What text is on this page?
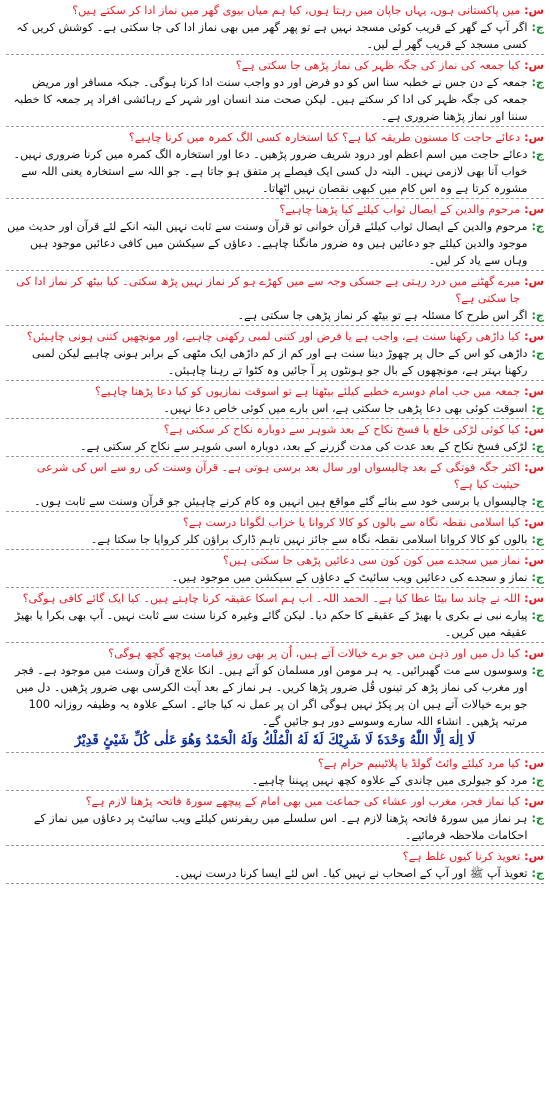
س:
میں پاکستانی ہوں، یہاں جاپان میں رہتا ہوں، کیا ہم میاں بیوی گھر میں نماز ادا کر سکتے ہیں؟
ج:
اگر آپ کے گھر کے قریب کوئی مسجد نہیں ہے تو پھر گھر میں بھی نماز ادا کی جا سکتی ہے۔ کوشش کریں کہ کسی مسجد کے قریب گھر لے لیں۔
س:
کیا جمعہ کی نماز کی جگہ ظہر کی نماز پڑھی جا سکتی ہے؟
ج:
جمعہ کے دن جس نے خطبہ سنا اس کو دو فرض اور دو واجب سنت ادا کرنا ہوگی۔ جبکہ مسافر اور مریض جمعہ کی جگہ ظہر کی ادا کر سکتے ہیں۔ لیکن صحت مند انسان اور شہر کے رہائشی افراد پر جمعہ کا خطبہ سننا اور نماز پڑھنا ضروری ہے۔
س:
دعائے حاجت کا مسنون طریقہ کیا ہے؟ کیا استخارہ کسی الگ کمرہ میں کرنا چاہیے؟
ج:
دعائے حاجت میں اسم اعظم اور درود شریف ضرور پڑھیں۔ دعا اور استخارہ الگ کمرہ میں کرنا ضروری نہیں۔ خواب آنا بھی لازمی نہیں۔ البتہ دل کسی ایک فیصلے پر متفق ہو جاتا ہے۔ جو اللہ سے استخارہ یعنی اللہ سے مشورہ کرتا ہے وہ اس کام میں کبھی نقصان نہیں اٹھاتا۔
س:
مرحوم والدین کے ایصال ثواب کیلئے کیا پڑھنا چاہیے؟
ج:
مرحوم والدین کے ایصال ثواب کیلئے قرآن خوانی تو قرآن وسنت سے ثابت نہیں البتہ انکے لئے قرآن اور حدیث میں موجود والدین کیلئے جو دعائیں ہیں وہ ضرور مانگنا چاہیے۔ دعاؤں کے سیکشن میں کافی دعائیں موجود ہیں وہاں سے یاد کر لیں۔
س:
میرے گھٹنے میں درد رہتی ہے جسکی وجہ سے میں کھڑے ہو کر نماز نہیں پڑھ سکتی۔ کیا بیٹھ کر نماز ادا کی جا سکتی ہے؟
ج:
اگر اس طرح کا مسئلہ ہے تو بیٹھ کر نماز پڑھی جا سکتی ہے۔
س:
کیا داڑھی رکھنا سنت ہے، واجب ہے یا فرض اور کتنی لمبی رکھنی چاہیے، اور مونچھیں کتنی ہونی چاہیئں؟
ج:
داڑھی کو اس کے حال پر چھوڑ دینا سنت ہے اور کم از کم داڑھی ایک مٹھی کے برابر ہونی چاہیے لیکن لمبی رکھنا بہتر ہے، مونچھوں کے بال جو ہونٹوں پر آ جائیں وہ کٹوا تے رہنا چاہیئں۔
س:
جمعہ میں جب امام دوسرے خطبے کیلئے بیٹھتا ہے تو اسوقت نمازیوں کو کیا دعا پڑھنا چاہیے؟
ج:
اسوقت کوئی بھی دعا پڑھی جا سکتی ہے، اس بارے میں کوئی خاص دعا نہیں۔
س:
کیا کوئی لڑکی خلع یا فسخ نکاح کے بعد شوہر سے دوبارہ نکاح کر سکتی ہے؟
ج:
لڑکی فسخ نکاح کے بعد عدت کی مدت گزرنے کے بعد، دوبارہ اسی شوہر سے نکاح کر سکتی ہے۔
س:
اکثر جگہ فوتگی کے بعد چالیسواں اور سال بعد برسی ہوتی ہے۔ قرآن وسنت کی رو سے اس کی شرعی حیثیت کیا ہے؟
ج:
چالیسواں یا برسی خود سے بنائے گئے مواقع ہیں انہیں وہ کام کرنے چاہیئں جو قرآن وسنت سے ثابت ہوں۔
س:
کیا اسلامی نقطہ نگاہ سے بالوں کو کالا کروانا یا خزاب لگوانا درست ہے؟
ج:
بالوں کو کالا کروانا اسلامی نقطہ نگاہ سے جائز نہیں تاہم ڈارک براؤن کلر کروایا جا سکتا ہے۔
س:
نماز میں سجدے میں کون کون سی دعائیں پڑھی جا سکتی ہیں؟
ج:
نماز و سجدے کی دعائیں ویب سائیٹ کے دعاؤں کے سیکشن میں موجود ہیں۔
س:
اللہ نے چاند سا بیٹا عطا کیا ہے۔ الحمد اللہ۔ اب ہم اسکا عقیقہ کرنا چاہتے ہیں۔ کیا ایک گائے کافی ہوگی؟
ج:
پیارے نبی نے بکری یا بھیڑ کے عقیقے کا حکم دیا۔ لیکن گائے وغیرہ کرنا سنت سے ثابت نہیں۔ آپ بھی بکرا یا بھیڑ عقیقہ میں کریں۔
س:
کیا دل میں اور ذہن میں جو برے خیالات آتے ہیں، اُن پر بھی روزِ قیامت پوچھ گچھ ہوگی؟
ج:
وسوسوں سے مت گھبرائیں۔ یہ ہر مومن اور مسلمان کو آتے ہیں۔ انکا علاج قرآن وسنت میں موجود ہے۔ فجر اور مغرب کی نماز پڑھ کر تینوں قُل ضرور پڑھا کریں۔ ہر نماز کے بعد آیت الکرسی بھی ضرور پڑھیں۔ دل میں جو برے خیالات آتے ہیں ان پر پکڑ نہیں ہوگی اگر ان پر عمل نہ کیا جائے۔ اسکے علاوہ یہ وظیفہ روزانہ 100 مرتبہ پڑھیں۔ انشاء اللہ سارے وسوسے دور ہو جائیں گے۔
لَا اِلٰهَ اِلَّا اللّٰهُ وَحْدَهٗ لَا شَرِيْكَ لَهٗ لَهُ الْمُلْكُ وَلَهُ الْحَمْدُ وَهُوَ عَلٰى كُلِّ شَيْئٍ قَدِيْرٌ
س:
کیا مرد کیلئے وائٹ گولڈ یا پلاٹینیم حرام ہے؟
ج:
مرد کو جیولری میں چاندی کے علاوہ کچھ نہیں پہننا چاہیے۔
س:
کیا نماز فجر، مغرب اور عشاء کی جماعت میں بھی امام کے پیچھے سورۃ فاتحہ پڑھنا لازم ہے؟
ج:
ہر نماز میں سورۃ فاتحہ پڑھنا لازم ہے۔ اس سلسلے میں ریفرنس کیلئے ویب سائیٹ پر دعاؤں میں نماز کے احکامات ملاحظہ فرمائیے۔
س:
تعویذ کرنا کیوں غلط ہے؟
ج:
تعویذ آپ ﷺ اور آپ کے اصحاب نے نہیں کیا۔ اس لئے ایسا کرنا درست نہیں۔
